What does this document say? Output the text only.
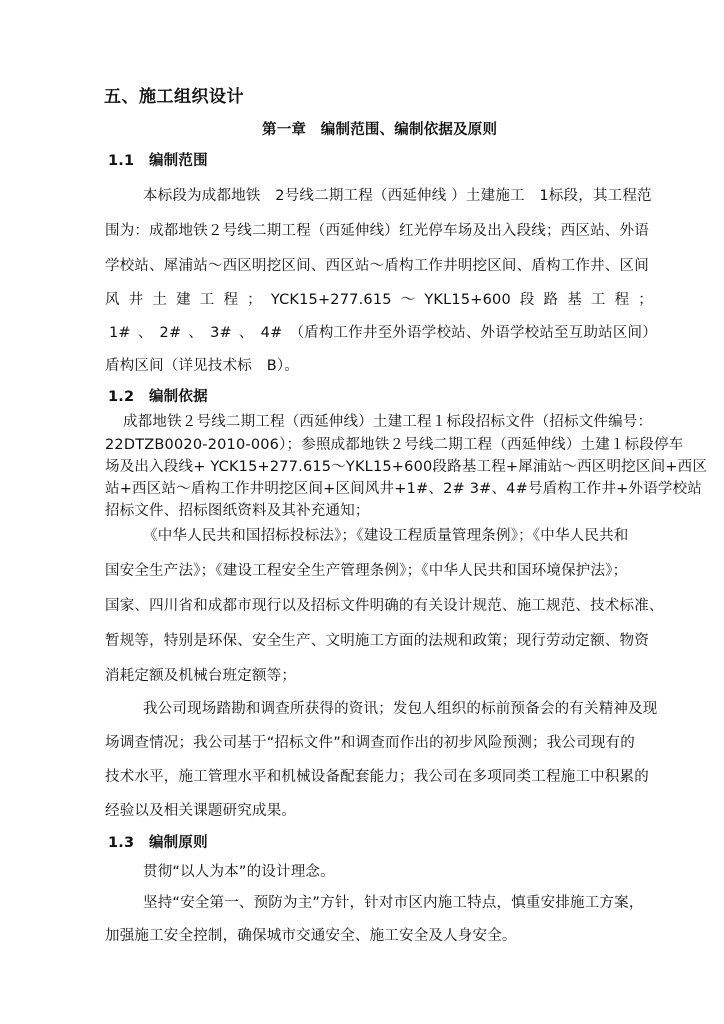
五、施工组织设计
第一章　编制范围、编制依据及原则
1.1　编制范围
本标段为成都地铁　2号线二期工程（西延伸线 ）土建施工　1标段，其工程范
围为：成都地铁２号线二期工程（西延伸线）红光停车场及出入段线；西区站、外语
学校站、犀浦站～西区明挖区间、西区站～盾构工作井明挖区间、盾构工作井、区间
风 井 土 建 工 程 ； YCK15+277.615 ～ YKL15+600 段 路 基 工 程 ；
1# 、 2# 、 3# 、 4# （盾构工作井至外语学校站、外语学校站至互助站区间）
盾构区间（详见技术标　B）。
1.2　编制依据
成都地铁２号线二期工程（西延伸线）土建工程１标段招标文件（招标文件编号：
22DTZB0020-2010-006）；参照成都地铁２号线二期工程（西延伸线）土建１标段停车
场及出入段线+ YCK15+277.615～YKL15+600段路基工程+犀浦站～西区明挖区间+西区
站+西区站～盾构工作井明挖区间+区间风井+1#、2# 3#、4#号盾构工作井+外语学校站
招标文件、招标图纸资料及其补充通知；
《中华人民共和国招标投标法》；《建设工程质量管理条例》；《中华人民共和
国安全生产法》；《建设工程安全生产管理条例》；《中华人民共和国环境保护法》；
国家、四川省和成都市现行以及招标文件明确的有关设计规范、施工规范、技术标准、
暂规等，特别是环保、安全生产、文明施工方面的法规和政策；现行劳动定额、物资
消耗定额及机械台班定额等；
我公司现场踏勘和调查所获得的资讯；发包人组织的标前预备会的有关精神及现
场调查情况；我公司基于“招标文件”和调查而作出的初步风险预测；我公司现有的
技术水平，施工管理水平和机械设备配套能力；我公司在多项同类工程施工中积累的
经验以及相关课题研究成果。
1.3　编制原则
贯彻“以人为本”的设计理念。
坚持“安全第一、预防为主”方针，针对市区内施工特点，慎重安排施工方案，
加强施工安全控制，确保城市交通安全、施工安全及人身安全。
